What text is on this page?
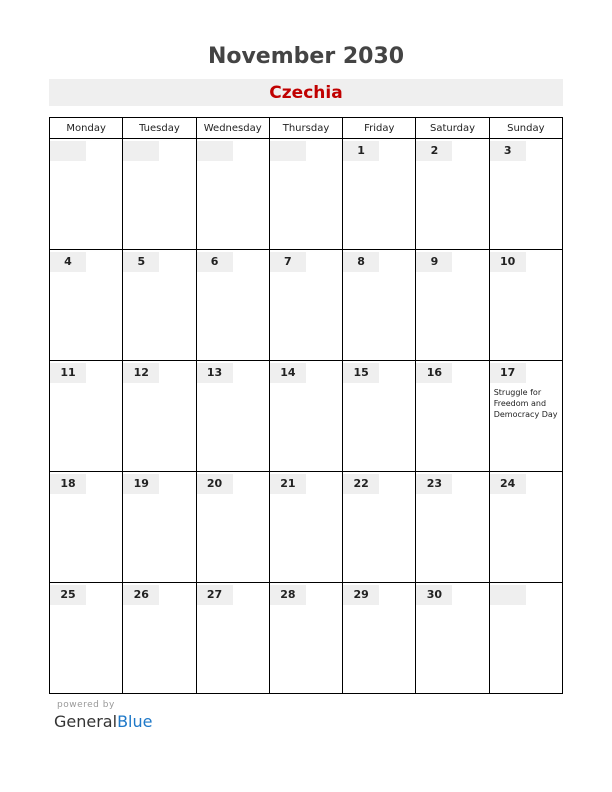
November 2030
Czechia
Monday	Tuesday	Wednesday	Thursday	Friday	Saturday	Sunday

				1	2	3

4	5	6	7	8	9	10

11	12	13	14	15	16	17
Struggle for Freedom and Democracy Day

18	19	20	21	22	23	24

25	26	27	28	29	30	

powered by
GeneralBlue
